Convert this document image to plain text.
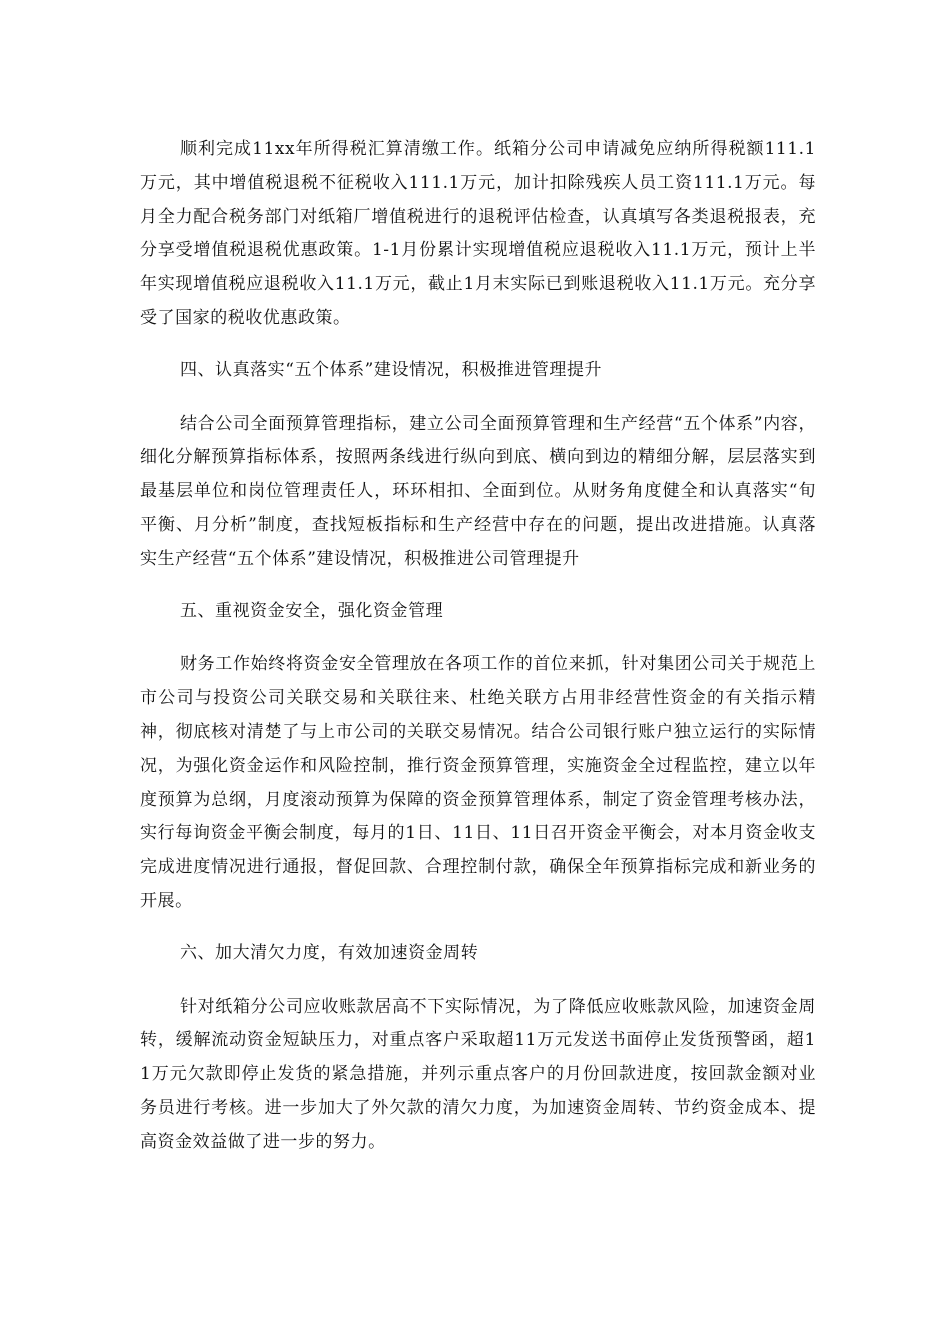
顺利完成11xx年所得税汇算清缴工作。纸箱分公司申请减免应纳所得税额111.1万元，其中增值税退税不征税收入111.1万元，加计扣除残疾人员工资111.1万元。每月全力配合税务部门对纸箱厂增值税进行的退税评估检查，认真填写各类退税报表，充分享受增值税退税优惠政策。1-1月份累计实现增值税应退税收入11.1万元，预计上半年实现增值税应退税收入11.1万元，截止1月末实际已到账退税收入11.1万元。充分享受了国家的税收优惠政策。

四、认真落实“五个体系”建设情况，积极推进管理提升

结合公司全面预算管理指标，建立公司全面预算管理和生产经营“五个体系”内容，细化分解预算指标体系，按照两条线进行纵向到底、横向到边的精细分解，层层落实到最基层单位和岗位管理责任人，环环相扣、全面到位。从财务角度健全和认真落实“旬平衡、月分析”制度，查找短板指标和生产经营中存在的问题，提出改进措施。认真落实生产经营“五个体系”建设情况，积极推进公司管理提升

五、重视资金安全，强化资金管理

财务工作始终将资金安全管理放在各项工作的首位来抓，针对集团公司关于规范上市公司与投资公司关联交易和关联往来、杜绝关联方占用非经营性资金的有关指示精神，彻底核对清楚了与上市公司的关联交易情况。结合公司银行账户独立运行的实际情况，为强化资金运作和风险控制，推行资金预算管理，实施资金全过程监控，建立以年度预算为总纲，月度滚动预算为保障的资金预算管理体系，制定了资金管理考核办法，实行每询资金平衡会制度，每月的1日、11日、11日召开资金平衡会，对本月资金收支完成进度情况进行通报，督促回款、合理控制付款，确保全年预算指标完成和新业务的开展。

六、加大清欠力度，有效加速资金周转

针对纸箱分公司应收账款居高不下实际情况，为了降低应收账款风险，加速资金周转，缓解流动资金短缺压力，对重点客户采取超11万元发送书面停止发货预警函，超11万元欠款即停止发货的紧急措施，并列示重点客户的月份回款进度，按回款金额对业务员进行考核。进一步加大了外欠款的清欠力度，为加速资金周转、节约资金成本、提高资金效益做了进一步的努力。
